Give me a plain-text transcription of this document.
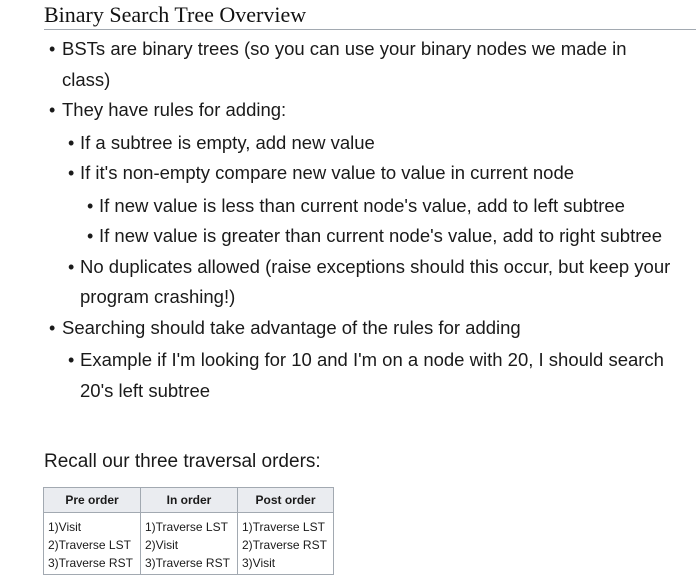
Binary Search Tree Overview
• BSTs are binary trees (so you can use your binary nodes we made in class)
• They have rules for adding:
• If a subtree is empty, add new value
• If it's non-empty compare new value to value in current node
• If new value is less than current node's value, add to left subtree
• If new value is greater than current node's value, add to right subtree
• No duplicates allowed (raise exceptions should this occur, but keep your program crashing!)
• Searching should take advantage of the rules for adding
• Example if I'm looking for 10 and I'm on a node with 20, I should search 20's left subtree
Recall our three traversal orders:
Pre order	In order	Post order
1)Visit	1)Traverse LST	1)Traverse LST
2)Traverse LST	2)Visit	2)Traverse RST
3)Traverse RST	3)Traverse RST	3)Visit
